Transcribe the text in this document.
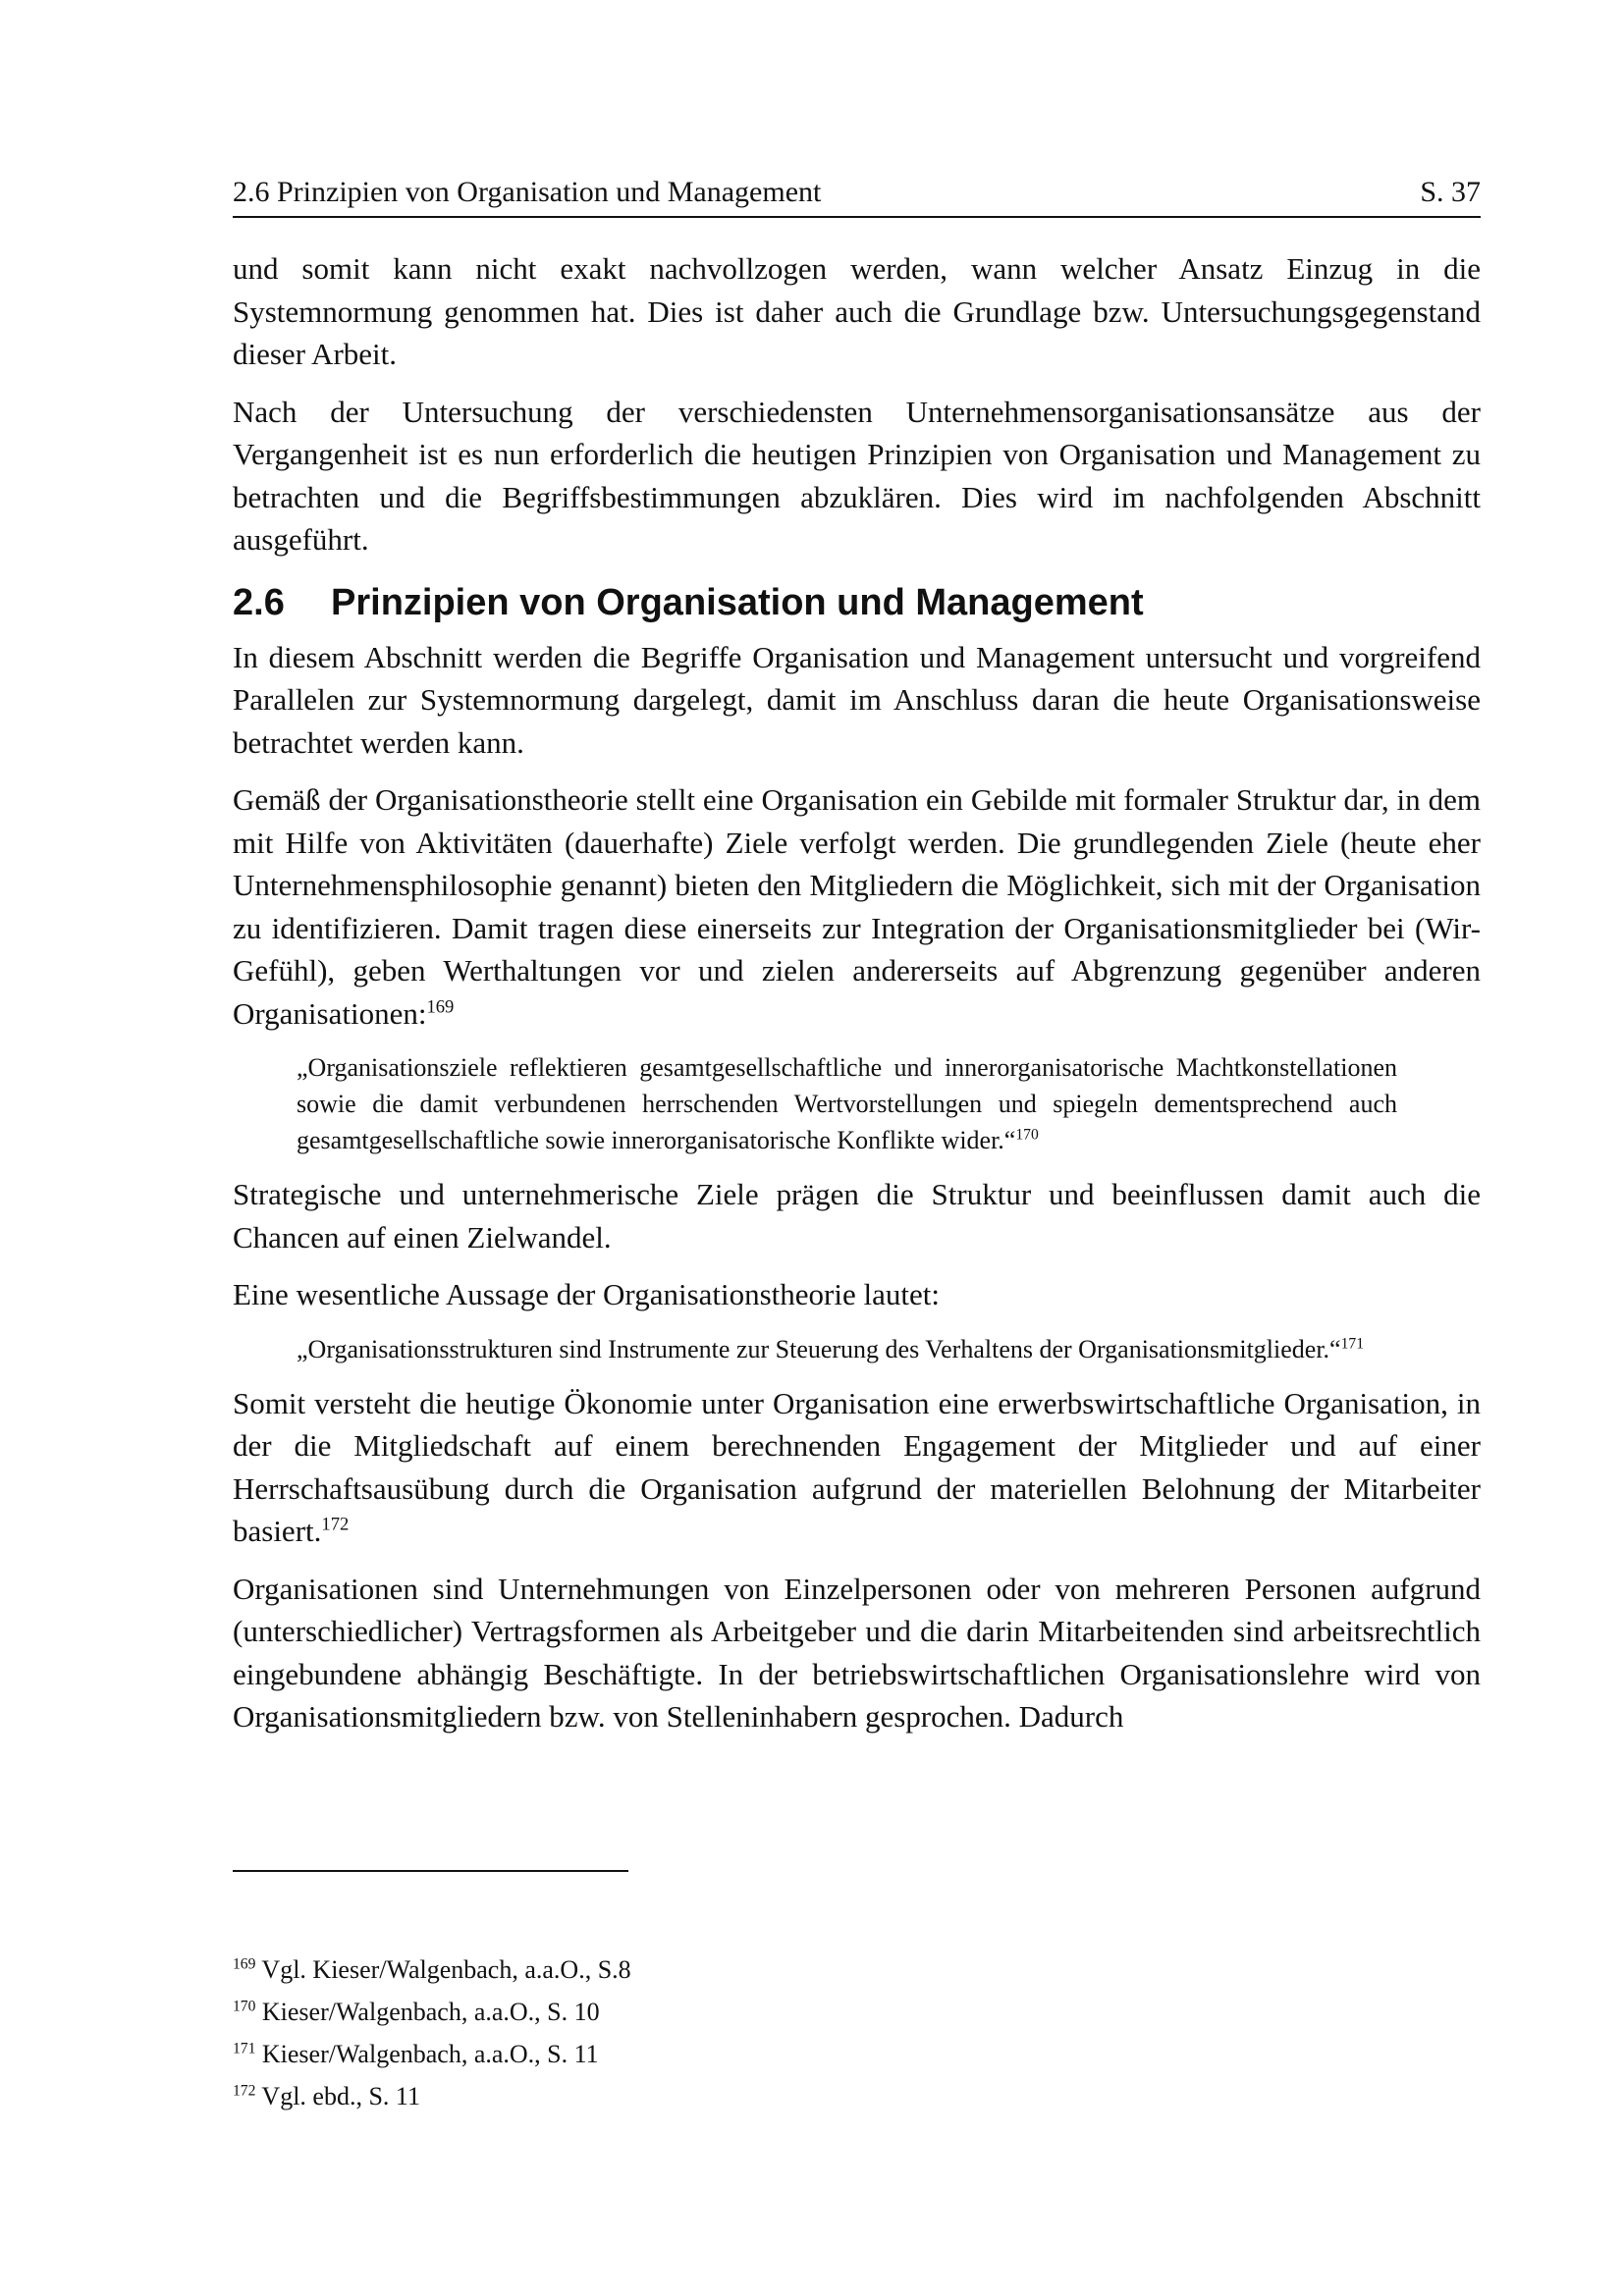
2.6 Prinzipien von Organisation und Management	S. 37

und somit kann nicht exakt nachvollzogen werden, wann welcher Ansatz Einzug in die Systemnormung genommen hat. Dies ist daher auch die Grundlage bzw. Untersuchungsgegenstand dieser Arbeit.

Nach der Untersuchung der verschiedensten Unternehmensorganisationsansätze aus der Vergangenheit ist es nun erforderlich die heutigen Prinzipien von Organisation und Management zu betrachten und die Begriffsbestimmungen abzuklären. Dies wird im nachfolgenden Abschnitt ausgeführt.

2.6 Prinzipien von Organisation und Management

In diesem Abschnitt werden die Begriffe Organisation und Management untersucht und vorgreifend Parallelen zur Systemnormung dargelegt, damit im Anschluss daran die heute Organisationsweise betrachtet werden kann.

Gemäß der Organisationstheorie stellt eine Organisation ein Gebilde mit formaler Struktur dar, in dem mit Hilfe von Aktivitäten (dauerhafte) Ziele verfolgt werden. Die grundlegenden Ziele (heute eher Unternehmensphilosophie genannt) bieten den Mitgliedern die Möglichkeit, sich mit der Organisation zu identifizieren. Damit tragen diese einerseits zur Integration der Organisationsmitglieder bei (Wir-Gefühl), geben Werthaltungen vor und zielen andererseits auf Abgrenzung gegenüber anderen Organisationen:$^{169}$

„Organisationsziele reflektieren gesamtgesellschaftliche und innerorganisatorische Machtkonstellationen sowie die damit verbundenen herrschenden Wertvorstellungen und spiegeln dementsprechend auch gesamtgesellschaftliche sowie innerorganisatorische Konflikte wider.“$^{170}$

Strategische und unternehmerische Ziele prägen die Struktur und beeinflussen damit auch die Chancen auf einen Zielwandel.

Eine wesentliche Aussage der Organisationstheorie lautet:

„Organisationsstrukturen sind Instrumente zur Steuerung des Verhaltens der Organisationsmitglieder.“$^{171}$

Somit versteht die heutige Ökonomie unter Organisation eine erwerbswirtschaftliche Organisation, in der die Mitgliedschaft auf einem berechnenden Engagement der Mitglieder und auf einer Herrschaftsausübung durch die Organisation aufgrund der materiellen Belohnung der Mitarbeiter basiert.$^{172}$

Organisationen sind Unternehmungen von Einzelpersonen oder von mehreren Personen aufgrund (unterschiedlicher) Vertragsformen als Arbeitgeber und die darin Mitarbeitenden sind arbeitsrechtlich eingebundene abhängig Beschäftigte. In der betriebswirtschaftlichen Organisationslehre wird von Organisationsmitgliedern bzw. von Stelleninhabern gesprochen. Dadurch

$^{169}$ Vgl. Kieser/Walgenbach, a.a.O., S.8

$^{170}$ Kieser/Walgenbach, a.a.O., S. 10

$^{171}$ Kieser/Walgenbach, a.a.O., S. 11

$^{172}$ Vgl. ebd., S. 11
